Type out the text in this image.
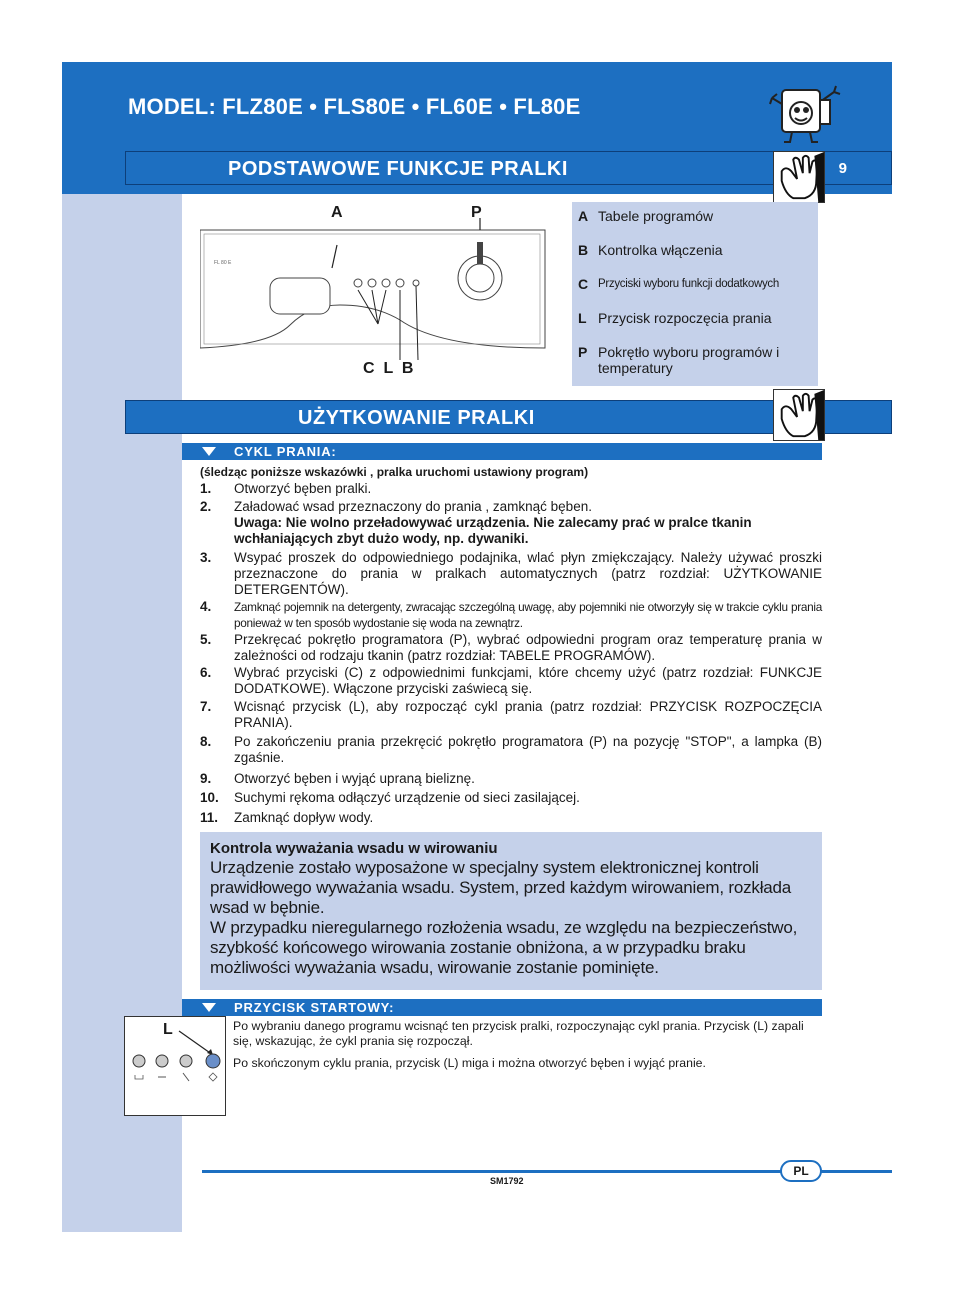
MODEL: FLZ80E • FLS80E • FL60E • FL80E
PODSTAWOWE FUNKCJE PRALKI	9
A	P
C  L  B
FL 80 E
A Tabele programów
B Kontrolka włączenia
C Przyciski wyboru funkcji dodatkowych
L Przycisk rozpoczęcia prania
P Pokrętło wyboru programów i temperatury
UŻYTKOWANIE PRALKI
CYKL PRANIA:
(śledząc poniższe wskazówki , pralka uruchomi ustawiony program)
1. Otworzyć bęben pralki.
2. Załadować wsad przeznaczony do prania , zamknąć bęben.
Uwaga: Nie wolno przeładowywać urządzenia. Nie zalecamy prać w pralce tkanin wchłaniających zbyt dużo wody, np. dywaniki.
3. Wsypać proszek do odpowiedniego podajnika, wlać płyn zmiękczający. Należy używać proszki przeznaczone do prania w pralkach automatycznych (patrz rozdział: UŻYTKOWANIE DETERGENTÓW).
4. Zamknąć pojemnik na detergenty, zwracając szczególną uwagę, aby pojemniki nie otworzyły się w trakcie cyklu prania ponieważ w ten sposób wydostanie się woda na zewnątrz.
5. Przekręcać pokrętło programatora (P), wybrać odpowiedni program oraz temperaturę prania w zależności od rodzaju tkanin (patrz rozdział: TABELE PROGRAMÓW).
6. Wybrać przyciski (C) z odpowiednimi funkcjami, które chcemy użyć (patrz rozdział: FUNKCJE DODATKOWE). Włączone przyciski zaświecą się.
7. Wcisnąć przycisk (L), aby rozpocząć cykl prania (patrz rozdział: PRZYCISK ROZPOCZĘCIA PRANIA).
8. Po zakończeniu prania przekręcić pokrętło programatora (P) na pozycję "STOP", a lampka (B) zgaśnie.
9. Otworzyć bęben i wyjąć upraną bieliznę.
10. Suchymi rękoma odłączyć urządzenie od sieci zasilającej.
11. Zamknąć dopływ wody.
Kontrola wyważania wsadu w wirowaniu
Urządzenie zostało wyposażone w specjalny system elektronicznej kontroli prawidłowego wyważania wsadu. System, przed każdym wirowaniem, rozkłada wsad w bębnie.
W przypadku nieregularnego rozłożenia wsadu, ze względu na bezpieczeństwo, szybkość końcowego wirowania zostanie obniżona, a w przypadku braku możliwości wyważania wsadu, wirowanie zostanie pominięte.
PRZYCISK STARTOWY:
L	Po wybraniu danego programu wcisnąć ten przycisk pralki, rozpoczynając cykl prania. Przycisk (L) zapali się, wskazując, że cykl prania się rozpoczął.
Po skończonym cyklu prania, przycisk (L) miga i można otworzyć bęben i wyjąć pranie.
PL
SM1792
